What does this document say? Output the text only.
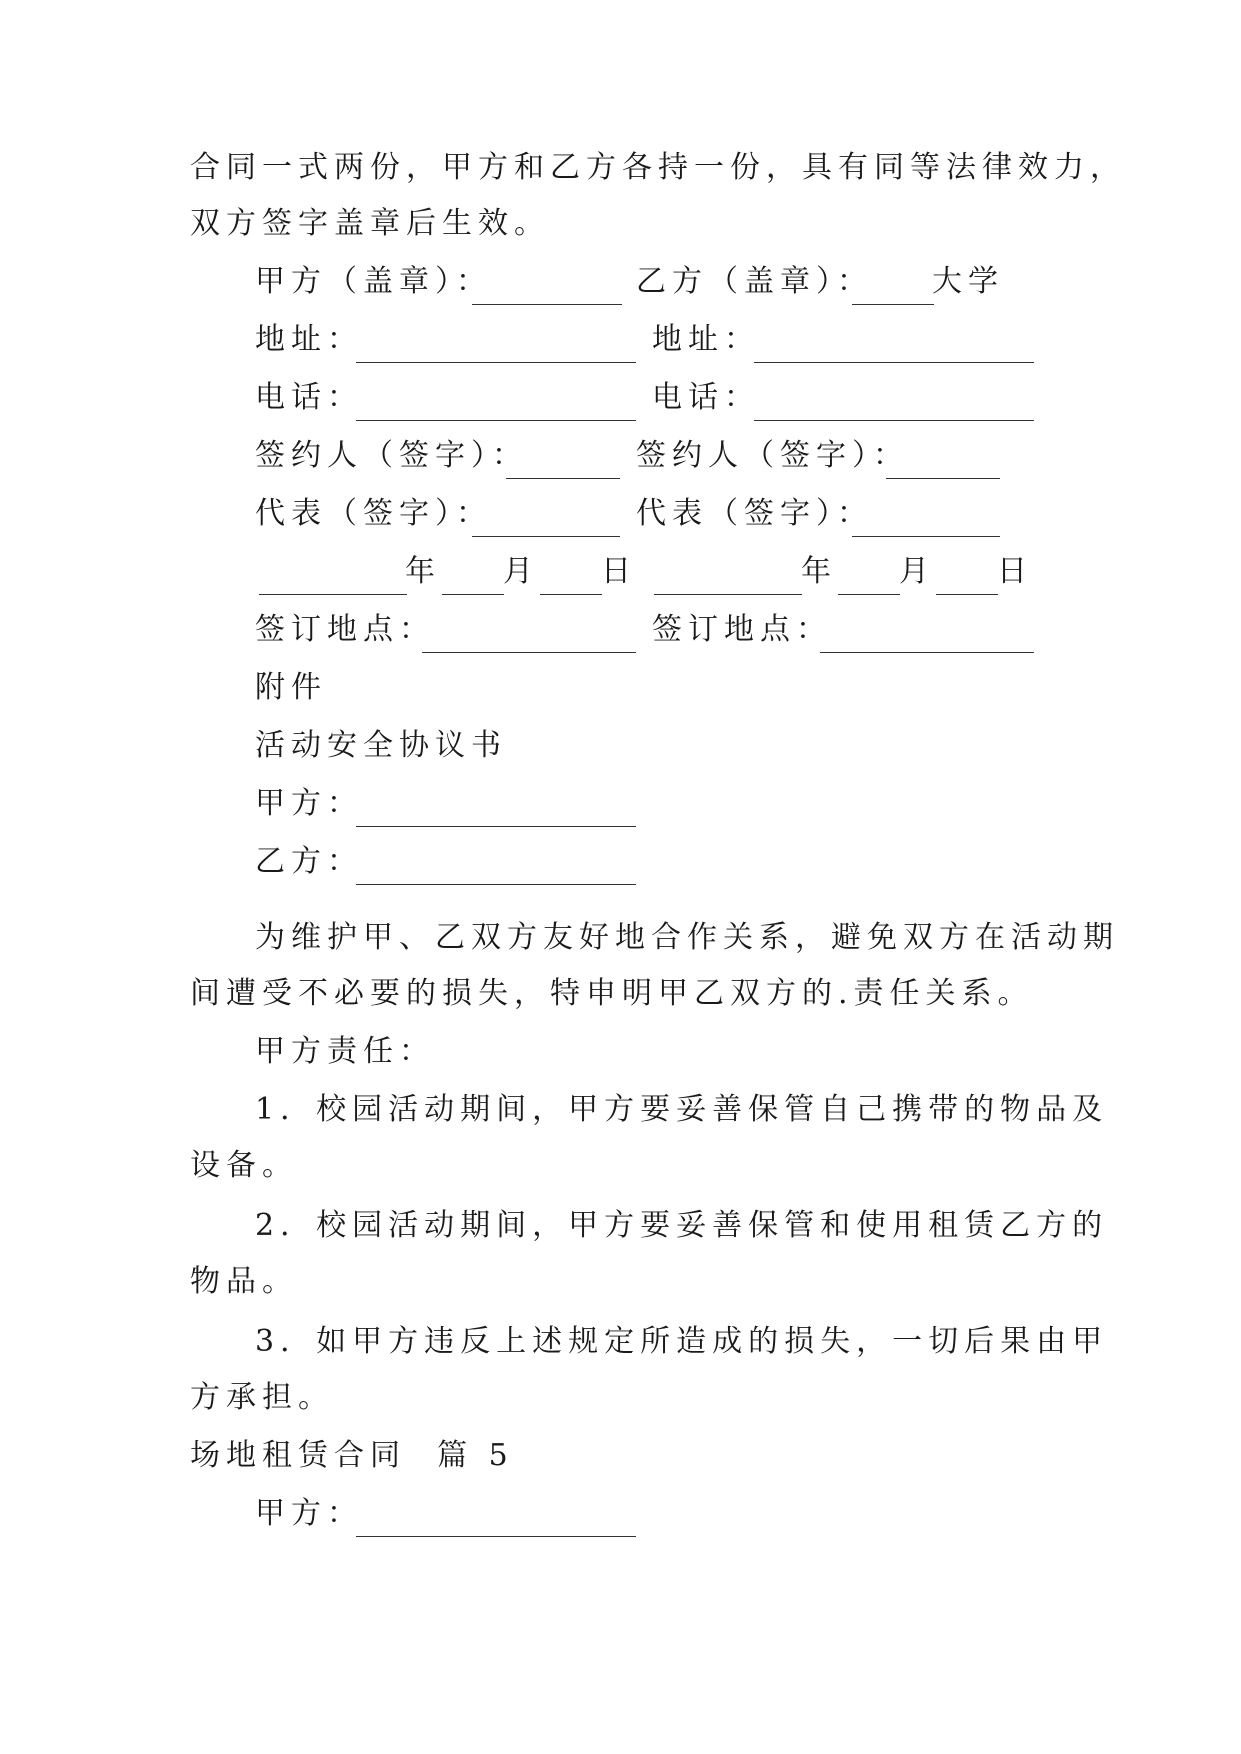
合同一式两份，甲方和乙方各持一份，具有同等法律效力，
双方签字盖章后生效。
甲方（盖章）：	乙方（盖章）： 大学
地址：	地址：
电话：	电话：
签约人（签字）：	签约人（签字）：
代表（签字）：	代表（签字）：
年 月 日	年 月 日
签订地点：	签订地点：
附件
活动安全协议书
甲方：
乙方：
为维护甲、乙双方友好地合作关系，避免双方在活动期
间遭受不必要的损失，特申明甲乙双方的.责任关系。
甲方责任：
1．校园活动期间，甲方要妥善保管自己携带的物品及
设备。
2．校园活动期间，甲方要妥善保管和使用租赁乙方的
物品。
3．如甲方违反上述规定所造成的损失，一切后果由甲
方承担。
场地租赁合同  篇 5
甲方：
